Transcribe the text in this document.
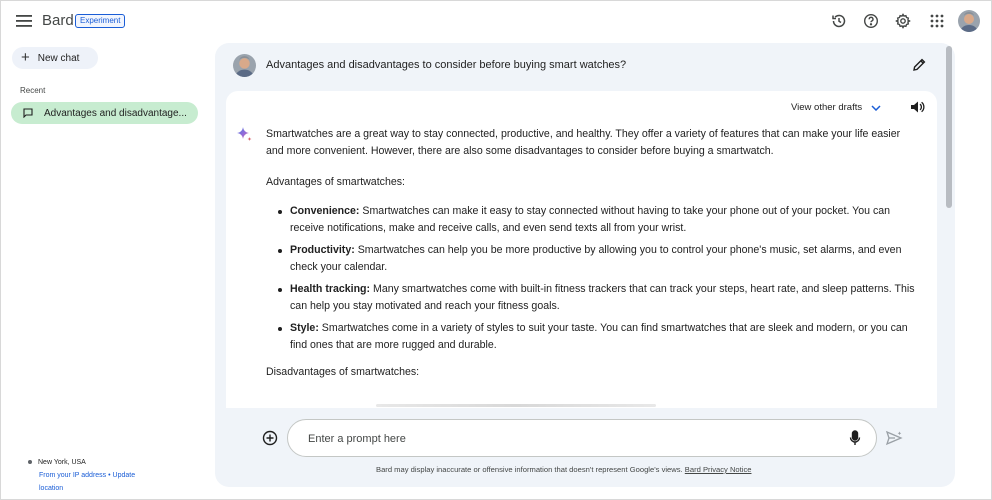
Bard Experiment
+ New chat
Recent
Advantages and disadvantage...
New York, USA
From your IP address • Update
location
Advantages and disadvantages to consider before buying smart watches?
View other drafts

Smartwatches are a great way to stay connected, productive, and healthy. They offer a variety of features that can make your life easier and more convenient. However, there are also some disadvantages to consider before buying a smartwatch.

Advantages of smartwatches:
Convenience: Smartwatches can make it easy to stay connected without having to take your phone out of your pocket. You can receive notifications, make and receive calls, and even send texts all from your wrist.
Productivity: Smartwatches can help you be more productive by allowing you to control your phone's music, set alarms, and even check your calendar.
Health tracking: Many smartwatches come with built-in fitness trackers that can track your steps, heart rate, and sleep patterns. This can help you stay motivated and reach your fitness goals.
Style: Smartwatches come in a variety of styles to suit your taste. You can find smartwatches that are sleek and modern, or you can find ones that are more rugged and durable.
Disadvantages of smartwatches:
Enter a prompt here
Bard may display inaccurate or offensive information that doesn't represent Google's views. Bard Privacy Notice
